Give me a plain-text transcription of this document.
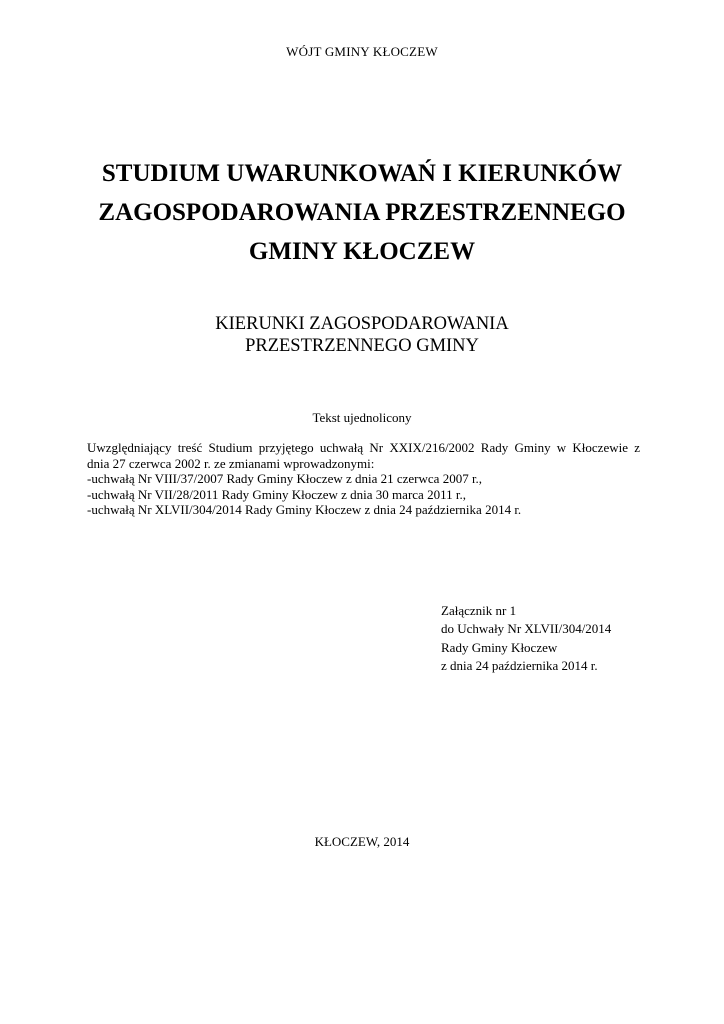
WÓJT GMINY KŁOCZEW
STUDIUM UWARUNKOWAŃ I KIERUNKÓW
ZAGOSPODAROWANIA PRZESTRZENNEGO
GMINY KŁOCZEW
KIERUNKI ZAGOSPODAROWANIA
PRZESTRZENNEGO GMINY
Tekst ujednolicony
Uwzględniający treść Studium przyjętego uchwałą Nr XXIX/216/2002 Rady Gminy w Kłoczewie z
dnia 27 czerwca 2002 r. ze zmianami wprowadzonymi:
-uchwałą Nr VIII/37/2007 Rady Gminy Kłoczew z dnia 21 czerwca 2007 r.,
-uchwałą Nr VII/28/2011 Rady Gminy Kłoczew z dnia 30 marca 2011 r.,
-uchwałą Nr XLVII/304/2014 Rady Gminy Kłoczew z dnia 24 października 2014 r.
Załącznik nr 1
do Uchwały Nr XLVII/304/2014
Rady Gminy Kłoczew
z dnia 24 października 2014 r.
KŁOCZEW, 2014
